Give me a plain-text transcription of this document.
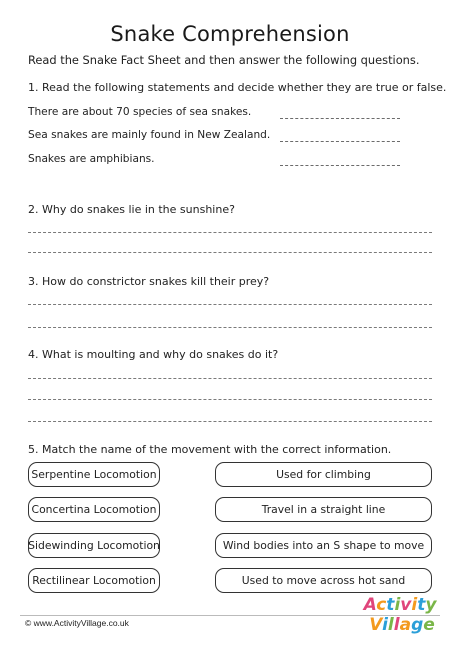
Snake Comprehension
Read the Snake Fact Sheet and then answer the following questions.
1. Read the following statements and decide whether they are true or false.
There are about 70 species of sea snakes.
Sea snakes are mainly found in New Zealand.
Snakes are amphibians.
2. Why do snakes lie in the sunshine?
3. How do constrictor snakes kill their prey?
4. What is moulting and why do snakes do it?
5. Match the name of the movement with the correct information.
Serpentine Locomotion
Concertina Locomotion
Sidewinding Locomotion
Rectilinear Locomotion
Used for climbing
Travel in a straight line
Wind bodies into an S shape to move
Used to move across hot sand
© www.ActivityVillage.co.uk
Activity
Village
